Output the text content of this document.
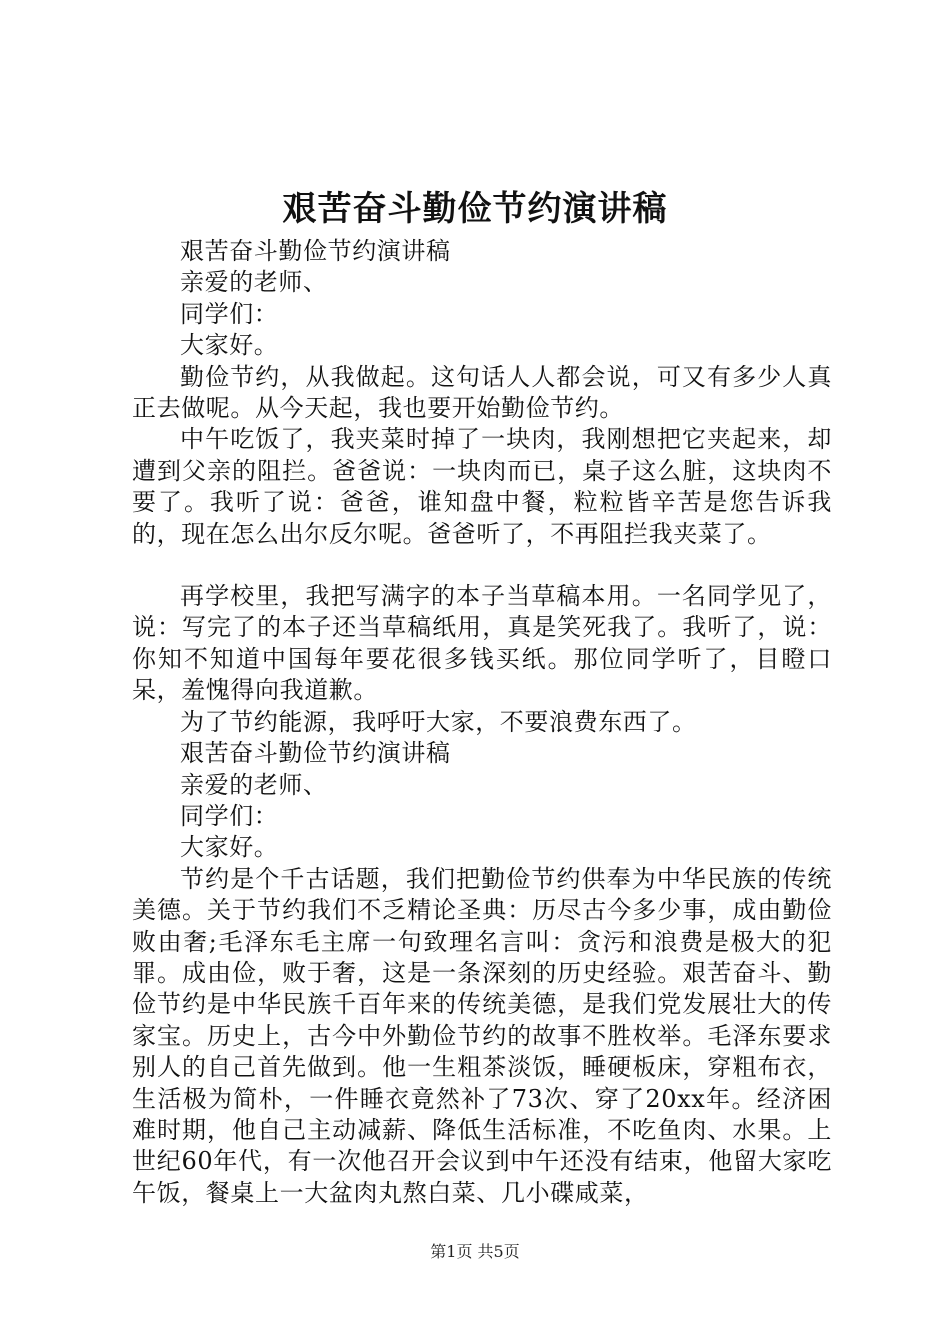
艰苦奋斗勤俭节约演讲稿

艰苦奋斗勤俭节约演讲稿

亲爱的老师、

同学们：

大家好。

勤俭节约，从我做起。这句话人人都会说，可又有多少人真正去做呢。从今天起，我也要开始勤俭节约。

中午吃饭了，我夹菜时掉了一块肉，我刚想把它夹起来，却遭到父亲的阻拦。爸爸说：一块肉而已，桌子这么脏，这块肉不要了。我听了说：爸爸，谁知盘中餐，粒粒皆辛苦是您告诉我的，现在怎么出尔反尔呢。爸爸听了，不再阻拦我夹菜了。

再学校里，我把写满字的本子当草稿本用。一名同学见了，说：写完了的本子还当草稿纸用，真是笑死我了。我听了，说：你知不知道中国每年要花很多钱买纸。那位同学听了，目瞪口呆，羞愧得向我道歉。

为了节约能源，我呼吁大家，不要浪费东西了。

艰苦奋斗勤俭节约演讲稿

亲爱的老师、

同学们：

大家好。

节约是个千古话题，我们把勤俭节约供奉为中华民族的传统美德。关于节约我们不乏精论圣典：历尽古今多少事，成由勤俭败由奢;毛泽东毛主席一句致理名言叫：贪污和浪费是极大的犯罪。成由俭，败于奢，这是一条深刻的历史经验。艰苦奋斗、勤俭节约是中华民族千百年来的传统美德，是我们党发展壮大的传家宝。历史上，古今中外勤俭节约的故事不胜枚举。毛泽东要求别人的自己首先做到。他一生粗茶淡饭，睡硬板床，穿粗布衣，生活极为简朴，一件睡衣竟然补了73次、穿了20xx年。经济困难时期，他自己主动减薪、降低生活标准，不吃鱼肉、水果。上世纪60年代，有一次他召开会议到中午还没有结束，他留大家吃午饭，餐桌上一大盆肉丸熬白菜、几小碟咸菜，

第1页 共5页
